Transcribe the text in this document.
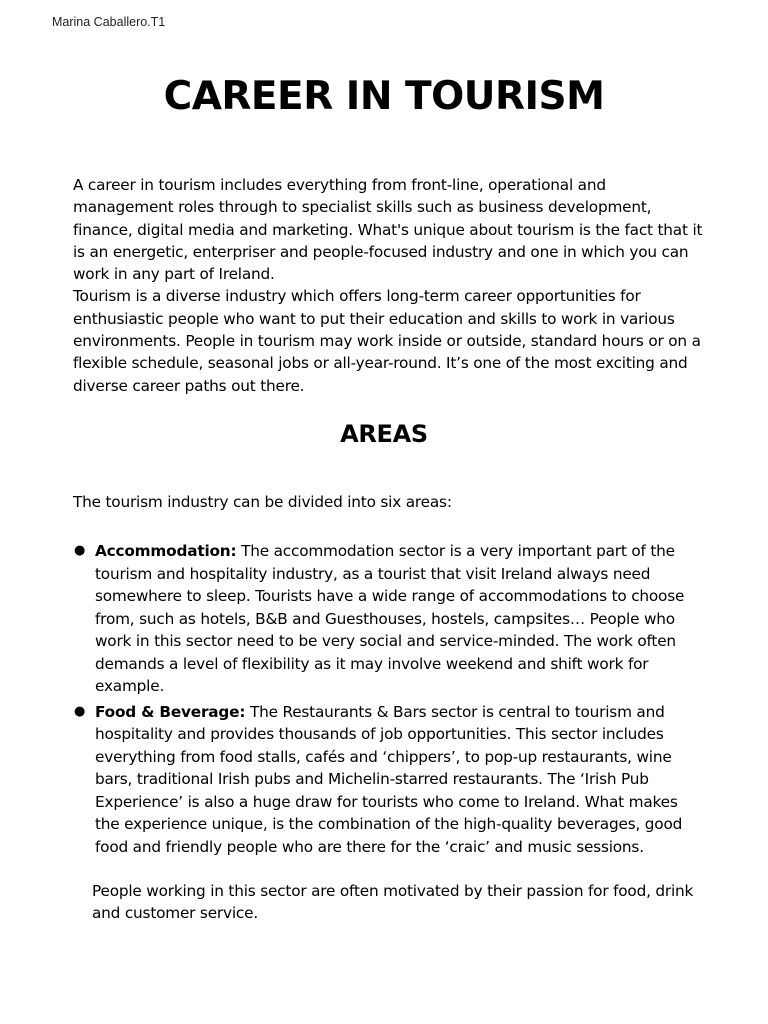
Marina Caballero.T1
CAREER IN TOURISM

A career in tourism includes everything from front-line, operational and management roles through to specialist skills such as business development, finance, digital media and marketing. What's unique about tourism is the fact that it is an energetic, enterpriser and people-focused industry and one in which you can work in any part of Ireland.

Tourism is a diverse industry which offers long-term career opportunities for enthusiastic people who want to put their education and skills to work in various environments. People in tourism may work inside or outside, standard hours or on a flexible schedule, seasonal jobs or all-year-round. It’s one of the most exciting and diverse career paths out there.

AREAS

The tourism industry can be divided into six areas:

● Accommodation: The accommodation sector is a very important part of the tourism and hospitality industry, as a tourist that visit Ireland always need somewhere to sleep. Tourists have a wide range of accommodations to choose from, such as hotels, B&B and Guesthouses, hostels, campsites… People who work in this sector need to be very social and service-minded. The work often demands a level of flexibility as it may involve weekend and shift work for example.
● Food & Beverage: The Restaurants & Bars sector is central to tourism and hospitality and provides thousands of job opportunities. This sector includes everything from food stalls, cafés and ‘chippers’, to pop-up restaurants, wine bars, traditional Irish pubs and Michelin-starred restaurants. The ‘Irish Pub Experience’ is also a huge draw for tourists who come to Ireland. What makes the experience unique, is the combination of the high-quality beverages, good food and friendly people who are there for the ‘craic’ and music sessions.

People working in this sector are often motivated by their passion for food, drink and customer service.
